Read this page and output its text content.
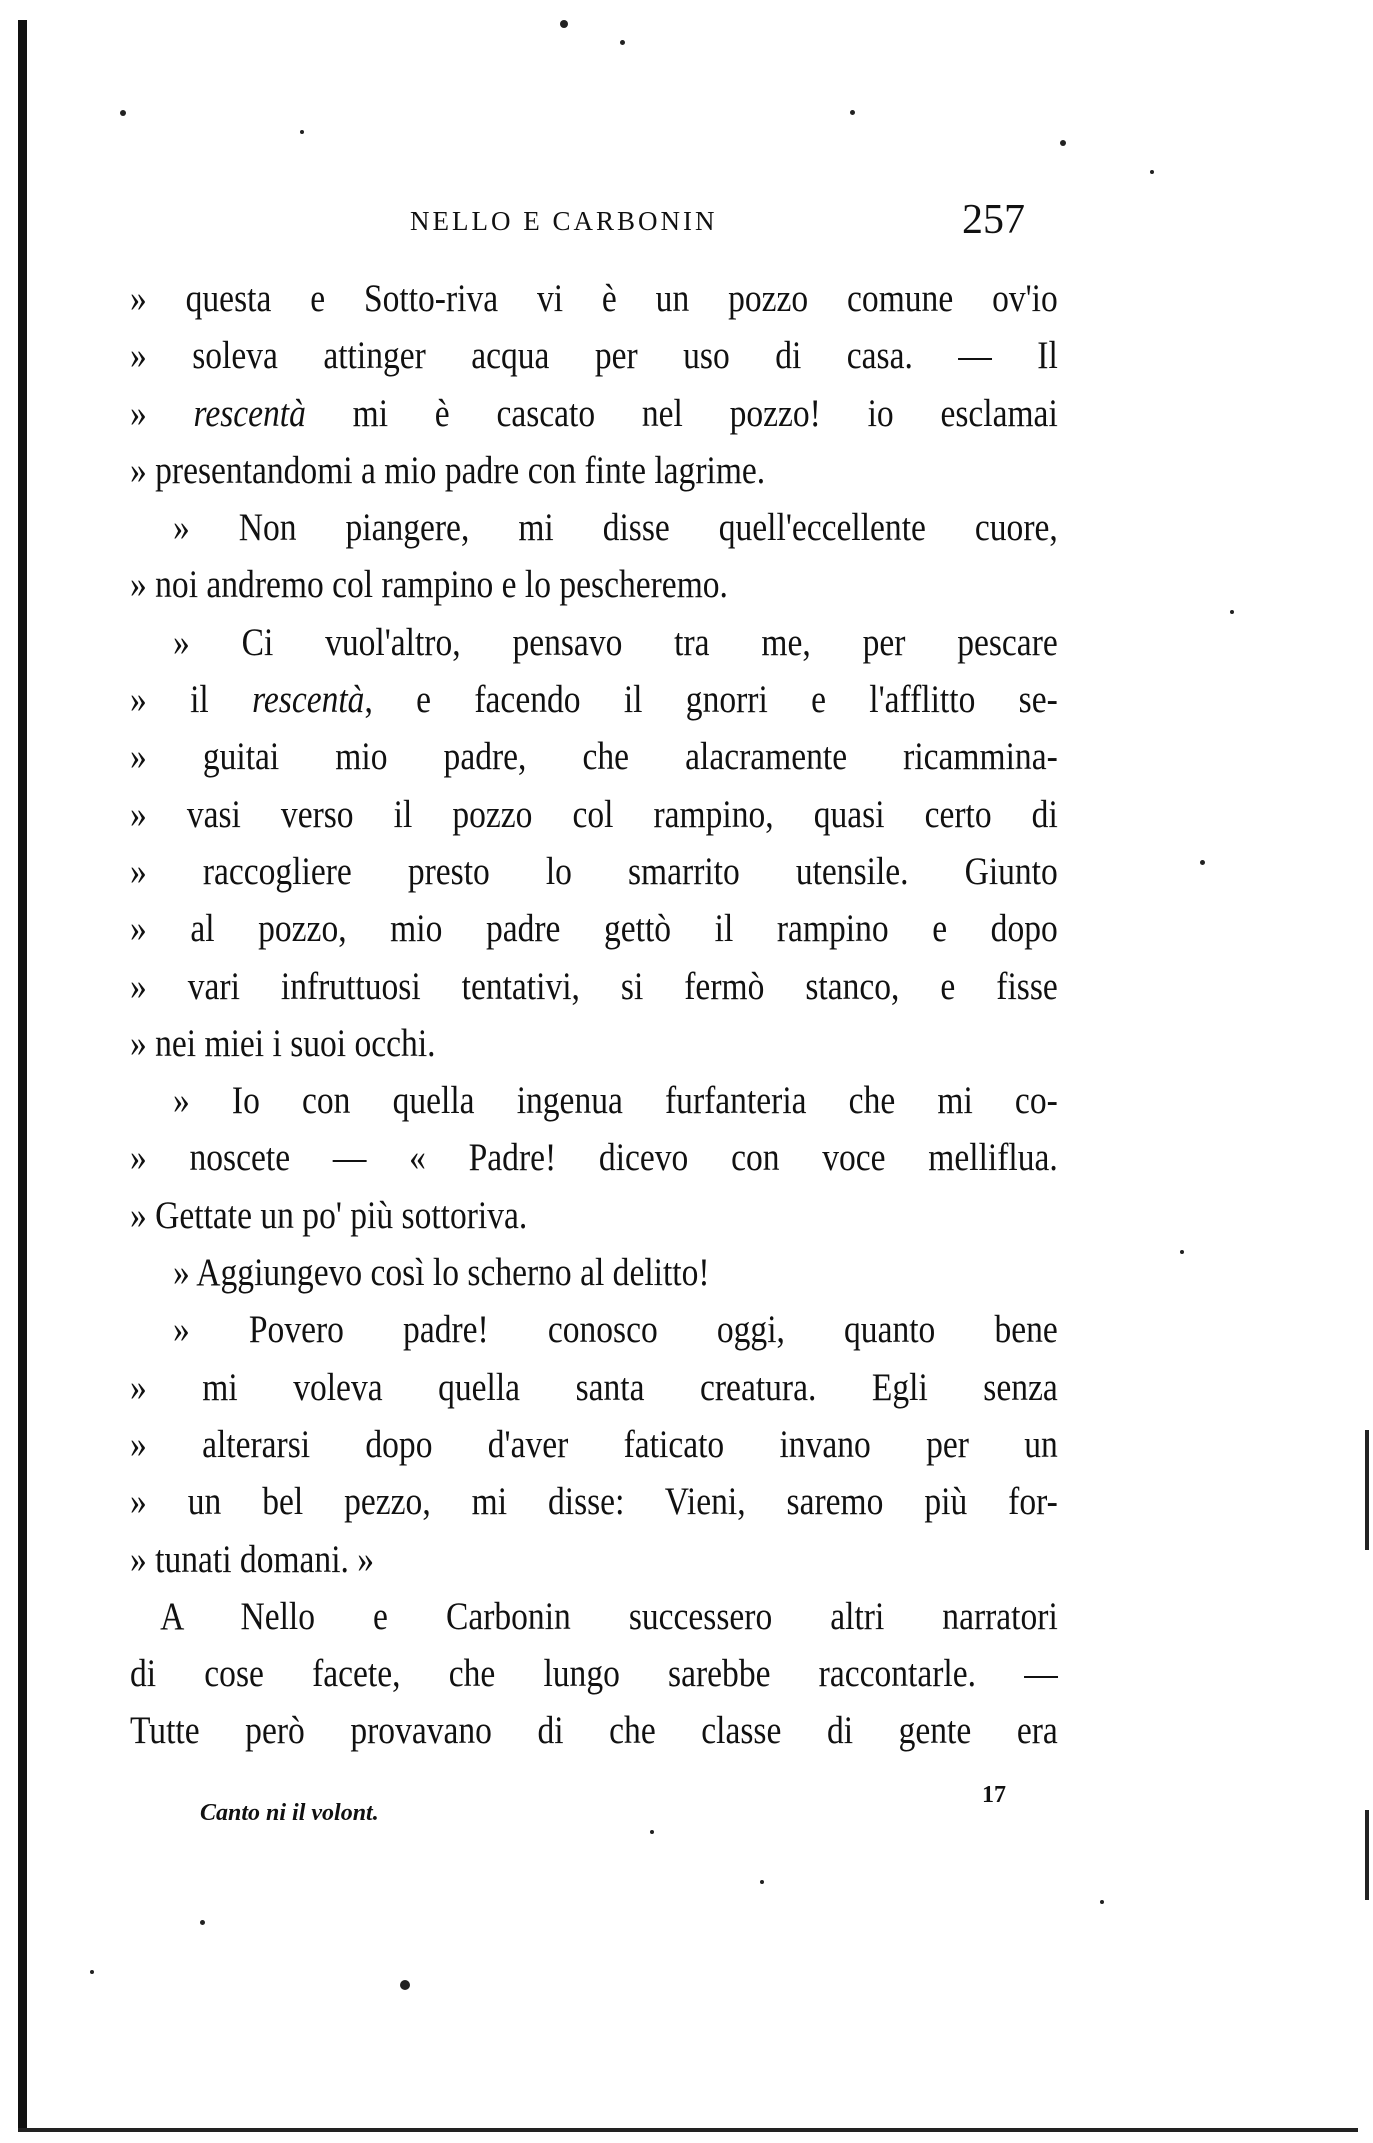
NELLO E CARBONIN	257
» questa e Sotto-riva vi è un pozzo comune ov'io
» soleva attinger acqua per uso di casa. — Il
» rescentà mi è cascato nel pozzo! io esclamai
» presentandomi a mio padre con finte lagrime.
» Non piangere, mi disse quell'eccellente cuore,
» noi andremo col rampino e lo pescheremo.
» Ci vuol'altro, pensavo tra me, per pescare
» il rescentà, e facendo il gnorri e l'afflitto se-
» guitai mio padre, che alacramente ricammina-
» vasi verso il pozzo col rampino, quasi certo di
» raccogliere presto lo smarrito utensile. Giunto
» al pozzo, mio padre gettò il rampino e dopo
» vari infruttuosi tentativi, si fermò stanco, e fisse
» nei miei i suoi occhi.
» Io con quella ingenua furfanteria che mi co-
» noscete — « Padre! dicevo con voce melliflua.
» Gettate un po' più sottoriva.
» Aggiungevo così lo scherno al delitto!
» Povero padre! conosco oggi, quanto bene
» mi voleva quella santa creatura. Egli senza
» alterarsi dopo d'aver faticato invano per un
» un bel pezzo, mi disse: Vieni, saremo più for-
» tunati domani. »
A Nello e Carbonin successero altri narratori
di cose facete, che lungo sarebbe raccontarle. —
Tutte però provavano di che classe di gente era
Canto ni il volont.
17
